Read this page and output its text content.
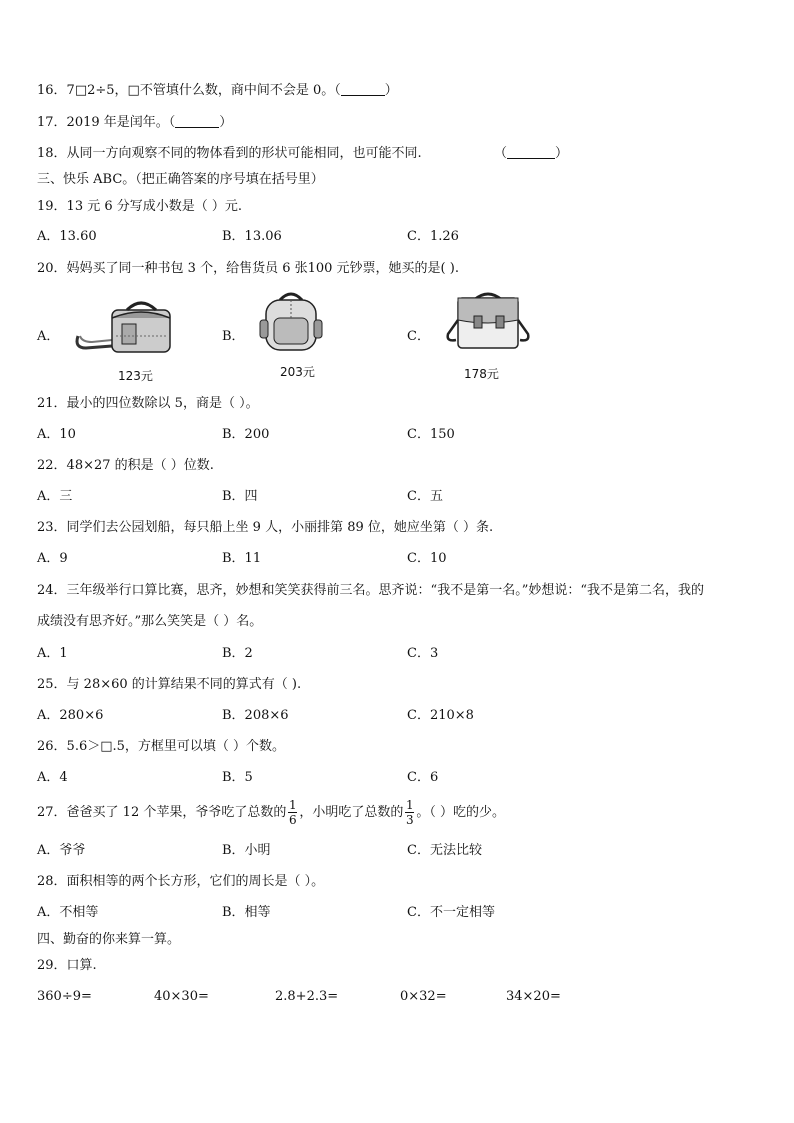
16．7□2÷5，□不管填什么数，商中间不会是 0。（	）
17．2019 年是闰年。（	）
18．从同一方向观察不同的物体看到的形状可能相同，也可能不同.	（	）
三、快乐 ABC。（把正确答案的序号填在括号里）
19．13 元 6 分写成小数是（ ）元.
A．13.60	B．13.06	C．1.26
20．妈妈买了同一种书包 3 个，给售货员 6 张100 元钞票，她买的是( ).
A．	B．	C．
123元	203元	178元
21．最小的四位数除以 5，商是（ ）。
A．10	B．200	C．150
22．48×27 的积是（ ）位数.
A．三	B．四	C．五
23．同学们去公园划船，每只船上坐 9 人，小丽排第 89 位，她应坐第（ ）条.
A．9	B．11	C．10
24．三年级举行口算比赛，思齐，妙想和笑笑获得前三名。思齐说：“我不是第一名。”妙想说：“我不是第二名，我的
成绩没有思齐好。”那么笑笑是（ ）名。
A．1	B．2	C．3
25．与 28×60 的计算结果不同的算式有（ ).
A．280×6	B．208×6	C．210×8
26．5.6＞□.5，方框里可以填（ ）个数。
A．4	B．5	C．6
27．爸爸买了 12 个苹果，爷爷吃了总数的 $\frac{1}{6}$ ，小明吃了总数的 $\frac{1}{3}$ 。（ ）吃的少。
A．爷爷	B．小明	C．无法比较
28．面积相等的两个长方形，它们的周长是（ ）。
A．不相等	B．相等	C．不一定相等
四、勤奋的你来算一算。
29．口算.
360÷9=	40×30=	2.8+2.3=	0×32=	34×20=
